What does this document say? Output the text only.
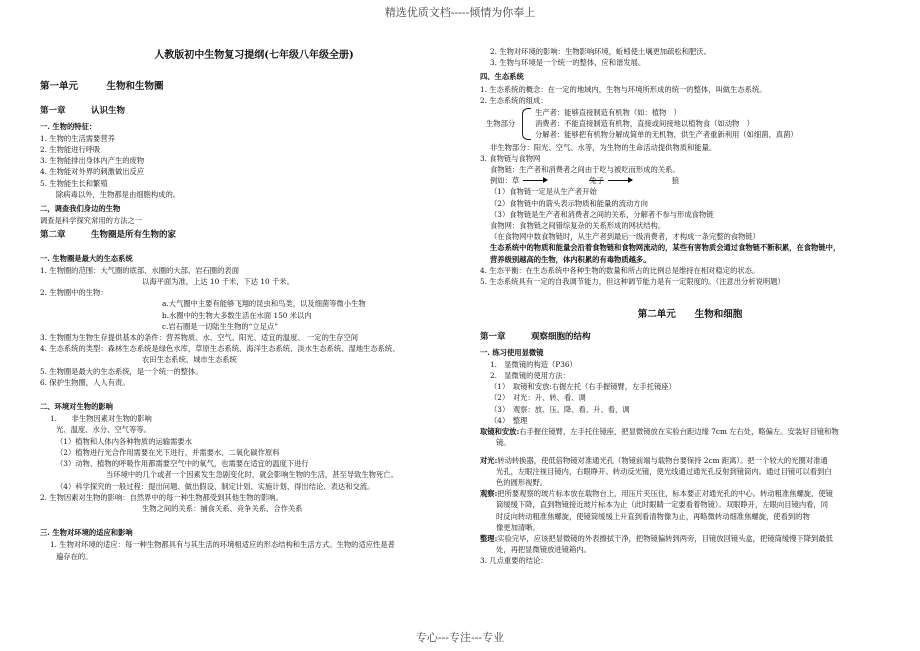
精选优质文档-----倾情为你奉上
人教版初中生物复习提纲(七年级八年级全册)
第一单元　　　生物和生物圈
第一章　　　认识生物
一. 生物的特征：
1. 生物的生活需要营养
2. 生物能进行呼吸
3. 生物能排出身体内产生的废物
4. 生物能对外界的刺激做出反应
5. 生物能生长和繁殖
除病毒以外，生物都是由细胞构成的。
二，调查我们身边的生物
调查是科学探究常用的方法之一
第二章　　　生物圈是所有生物的家
一. 生物圈是最大的生态系统
1. 生物圈的范围：大气圈的底部、水圈的大部、岩石圈的表面
以海平面为准，上达 10 千米，下达 10 千米。
2. 生物圈中的生物：
a.大气圈中主要有能够飞翔的昆虫和鸟类，以及细菌等微小生物
b.水圈中的生物大多数生活在水面 150 米以内
c.岩石圈是一切陆生生物的“立足点”
3. 生物圈为生物生存提供基本的条件：营养物质、水、空气、阳光、适宜的温度、 一定的生存空间
4. 生态系统的类型：森林生态系统是绿色水库，草原生态系统、海洋生态系统、淡水生态系统、湿地生态系统、
农田生态系统、城市生态系统
5. 生物圈是最大的生态系统，是一个统一的整体。
6. 保护生物圈，人人有责。
二、环境对生物的影响
1.　　非生物因素对生物的影响
光、温度、水分、空气等等。
（1）植物和人体内各种物质的运输需要水
（2）植物进行光合作用需要在光下进行，并需要水、二氧化碳作原料
（3）动物、植物的呼吸作用都需要空气中的氧气，也需要在适宜的温度下进行
当环境中的几个或者一个因素发生急剧变化时，就会影响生物的生活，甚至导致生物死亡。
（4）科学探究的一般过程：提出问题、做出假设、制定计划、实施计划、得出结论、表达和交流。
2. 生物因素对生物的影响：自然界中的每一种生物都受到其他生物的影响。
生物之间的关系：捕食关系、竞争关系、合作关系
三. 生物对环境的适应和影响
1. 生物对环境的适应：每一种生物都具有与其生活的环境相适应的形态结构和生活方式。生物的适应性是普
遍存在的。
2. 生物对环境的影响：生物影响环境，蚯蚓使土壤更加疏松和肥沃。
3. 生物与环境是一个统一的整体，应和谐发展。
四、生态系统
1. 生态系统的概念：在一定的地域内，生物与环境所形成的统一的整体，叫做生态系统。
2. 生态系统的组成：
生物部分
生产者：能够直接制造有机物（如：植物　）
消费者：不能直接制造有机物，直接或间接地以植物食（如动物　）
分解者：能够把有机物分解成简单的无机物，供生产者重新利用（如细菌、真菌）
非生物部分：阳光、空气、水等，为生物的生命活动提供物质和能量。
3. 食物链与食物网
食物链：生产者和消费者之间由于吃与被吃而形成的关系。
例如：草	兔子	狼
（1）食物链一定是从生产者开始
（2）食物链中的箭头表示物质和能量的流动方向
（3）食物链是生产者和消费者之间的关系，分解者不参与形成食物链
食物网：食物链之间错综复杂的关系形成的网状结构。
（在食物网中数食物链时，从生产者到最后一级消费者，才构成一条完整的食物链）
生态系统中的物质和能量会沿着食物链和食物网流动的，某些有害物质会通过食物链不断积累，在食物链中，
营养级别越高的生物，体内积累的有毒物质越多。
4. 生态平衡：在生态系统中各种生物的数量和所占的比例总是维持在相对稳定的状态。
5. 生态系统具有一定的自我调节能力，但这种调节能力是有一定限度的。（注意出分析说明题）
第二单元　　生物和细胞
第一章　　　观察细胞的结构
一. 练习使用显微镜
1.　显微镜的构造（P36）
2.　显微镜的使用方法：
（1）　取镜和安放:右握左托（右手握镜臂，左手托镜座）
（2）　对光：升、转、看、调
（3）　观察：放、压、降、看、升、看、调
（4）　整理
取镜和安放:右手握住镜臂，左手托住镜座，把显微镜放在实验台距边缘 7cm 左右处，略偏左。安装好目镜和物
镜。
对光:转动转换器，使低倍物镜对准通光孔（物镜前端与载物台要保持 2cm 距离）。把一个较大的光圈对准通
光孔，左眼注视目镜内，右眼睁开。转动反光镜，使光线通过通光孔反射到镜筒内。通过目镜可以看到白
色的圆形视野。
观察:把所要观察的玻片标本放在载物台上，用压片夹压住，标本要正对通光孔的中心。转动粗准焦螺旋，使镜
筒缓缓下降，直到物镜接近玻片标本为止（此时眼睛一定要看着物镜）。双眼睁开，左眼向目镜内看，同
时反向转动粗准焦螺旋，使镜筒缓缓上升直到看清物像为止，再略微转动细准焦螺旋，使看到的物
像更加清晰。
整理:实验完毕，应该把显微镜的外表擦拭干净，把物镜偏转到两旁，目镜放回镜头盒，把镜筒缓慢下降到最低
处，再把显微镜放进镜箱内。
3. 几点重要的结论：
专心---专注---专业
